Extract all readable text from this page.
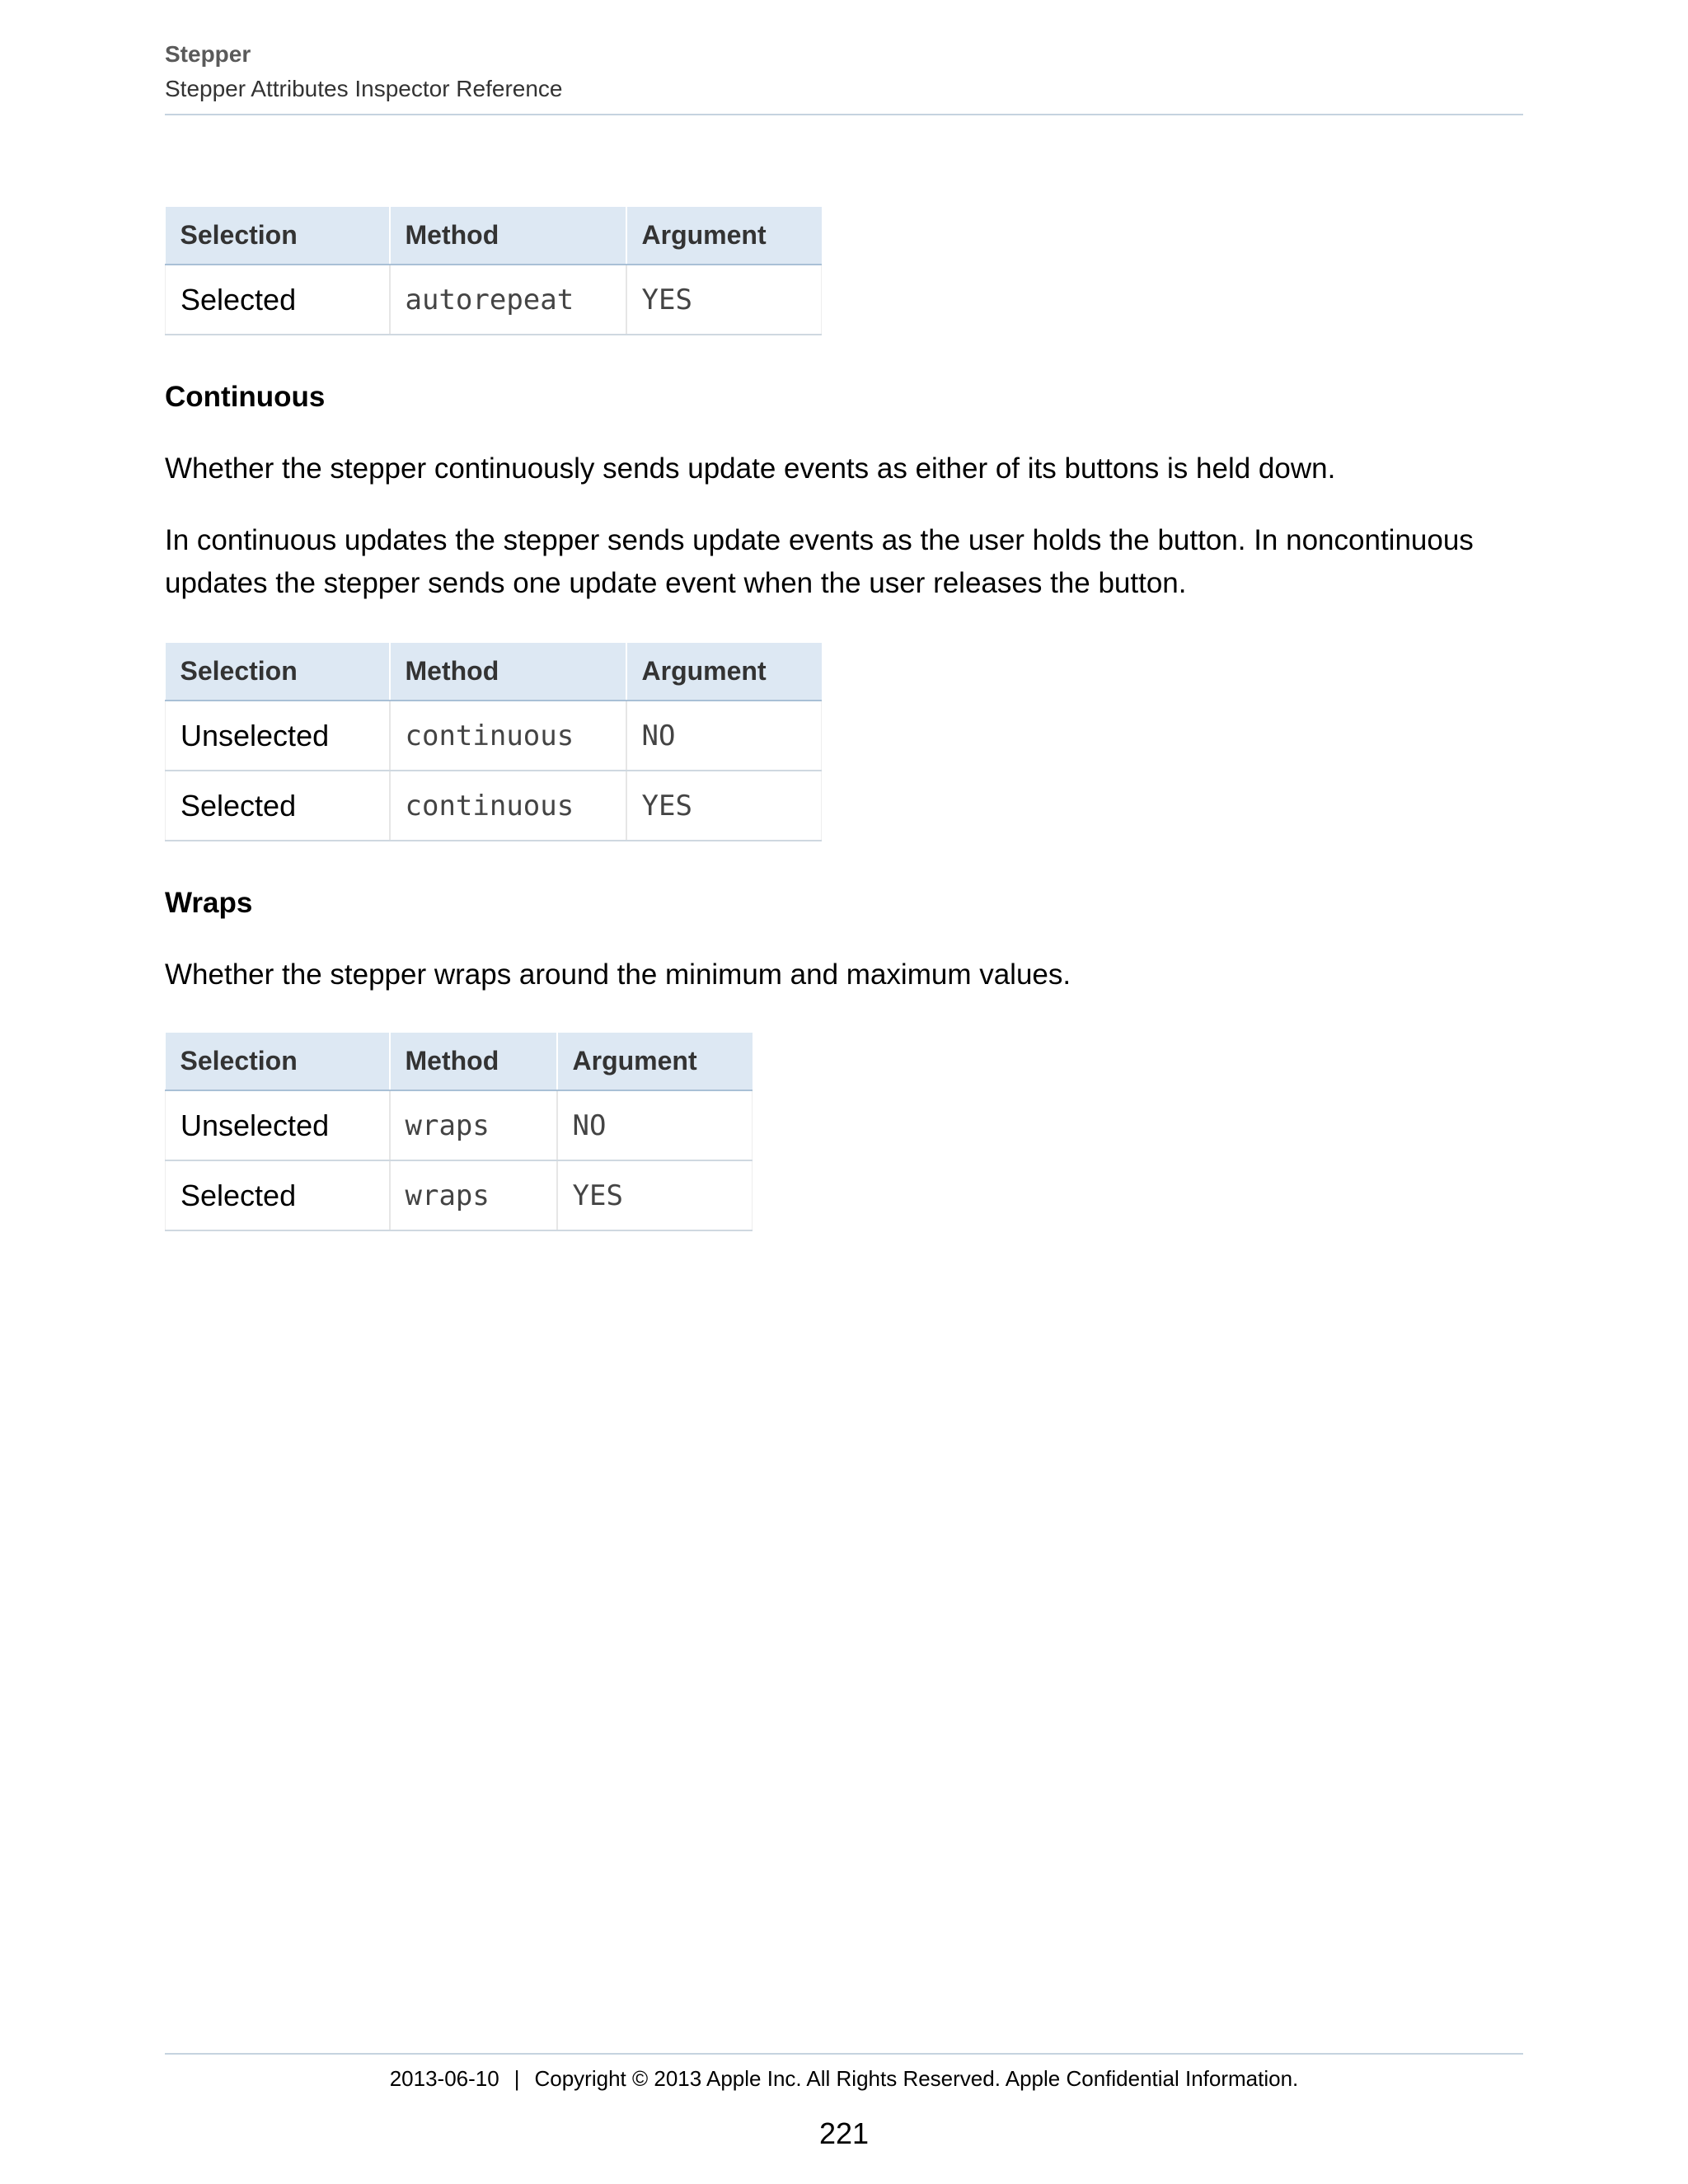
Stepper
Stepper Attributes Inspector Reference
Selection	Method	Argument
Selected	autorepeat	YES
Continuous
Whether the stepper continuously sends update events as either of its buttons is held down.
In continuous updates the stepper sends update events as the user holds the button. In noncontinuous updates the stepper sends one update event when the user releases the button.
Selection	Method	Argument
Unselected	continuous	NO
Selected	continuous	YES
Wraps
Whether the stepper wraps around the minimum and maximum values.
Selection	Method	Argument
Unselected	wraps	NO
Selected	wraps	YES
2013-06-10 | Copyright © 2013 Apple Inc. All Rights Reserved. Apple Confidential Information.
221
